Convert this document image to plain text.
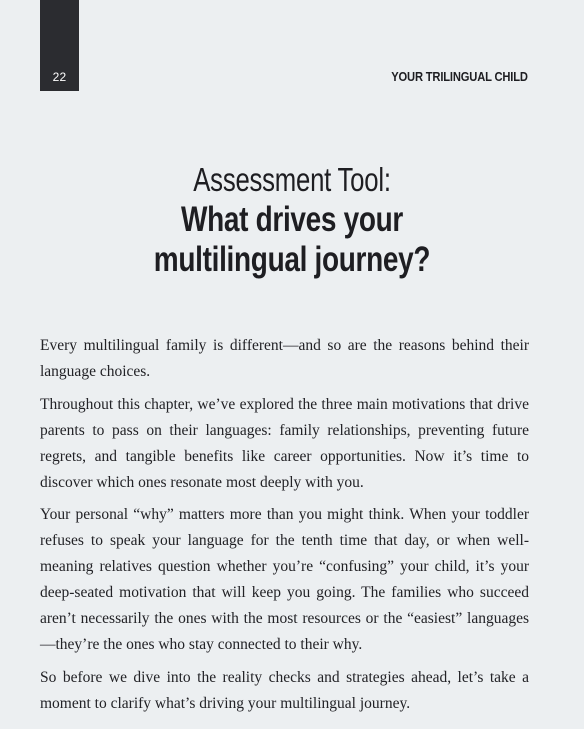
22	YOUR TRILINGUAL CHILD
Assessment Tool:
What drives your
multilingual journey?

Every multilingual family is different—and so are the reasons behind their language choices.

Throughout this chapter, we’ve explored the three main motivations that drive parents to pass on their languages: family relationships, preventing future regrets, and tangible benefits like career opportunities. Now it’s time to discover which ones resonate most deeply with you.

Your personal “why” matters more than you might think. When your toddler refuses to speak your language for the tenth time that day, or when well-meaning relatives question whether you’re “confusing” your child, it’s your deep-seated motivation that will keep you going. The families who succeed aren’t necessarily the ones with the most resources or the “easiest” languages—they’re the ones who stay connected to their why.

So before we dive into the reality checks and strategies ahead, let’s take a moment to clarify what’s driving your multilingual journey.
